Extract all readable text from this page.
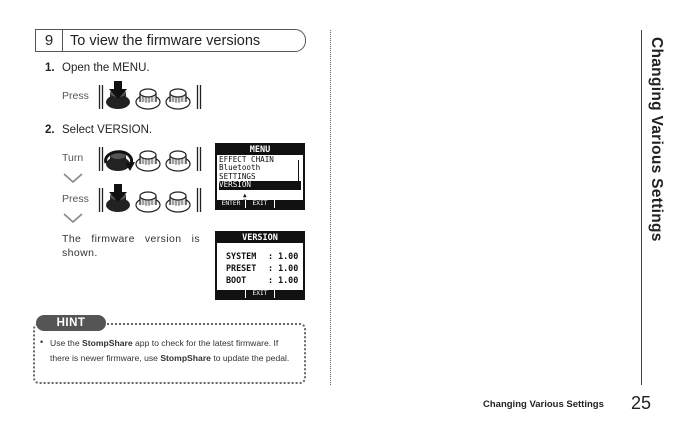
9	To view the firmware versions
1. Open the MENU.
Press
2. Select VERSION.
Turn
Press
MENU
EFFECT CHAIN
Bluetooth
SETTINGS
VERSION
▲

ENTER	EXIT
The firmware version is shown.
VERSION
SYSTEM : 1.00
PRESET : 1.00
BOOT	: 1.00
EXIT
HINT
• Use the StompShare app to check for the latest firmware. If there is newer firmware, use StompShare to update the pedal.
Changing Various Settings
Changing Various Settings 25
